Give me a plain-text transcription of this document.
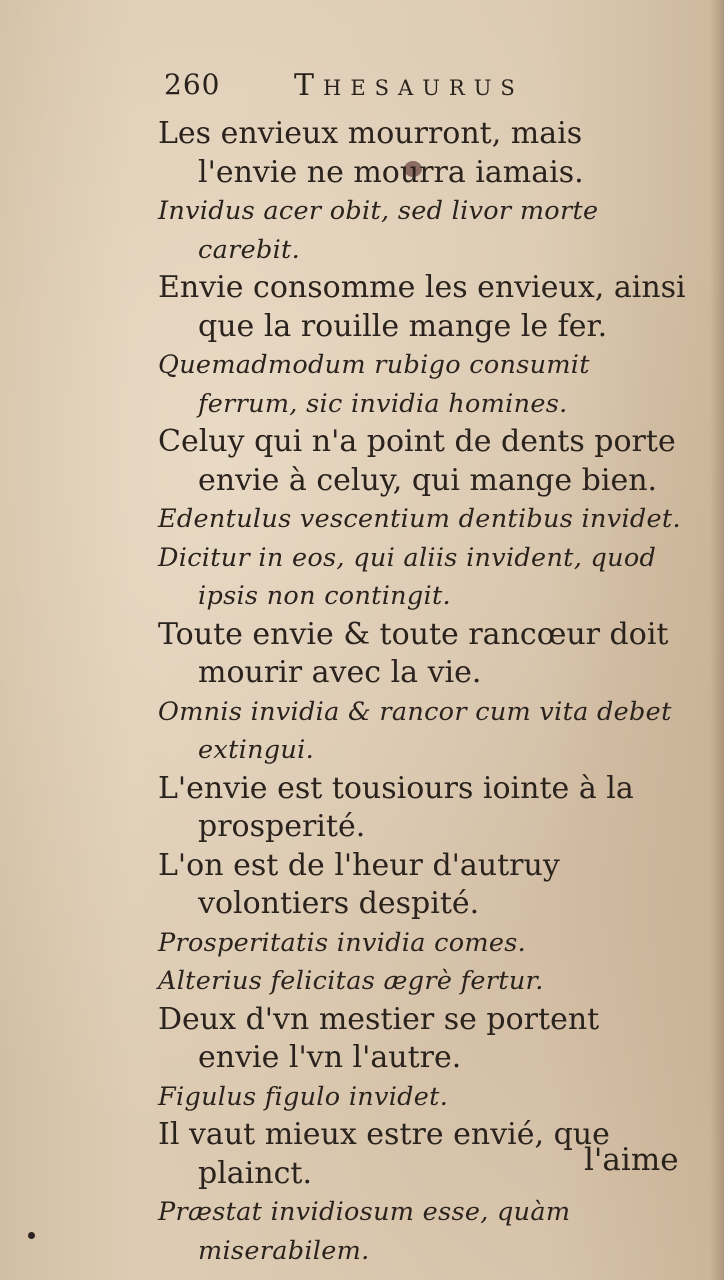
260 Thesaurus

Les envieux mourront, mais l'envie ne mourra iamais.

Invidus acer obit, sed livor morte carebit.

Envie consomme les envieux, ainsi que la rouille mange le fer.

Quemadmodum rubigo consumit ferrum, sic invidia homines.

Celuy qui n'a point de dents porte envie à celuy, qui mange bien.

Edentulus vescentium dentibus invidet.

Dicitur in eos, qui aliis invident, quod ipsis non contingit.

Toute envie & toute rancœur doit mourir avec la vie.

Omnis invidia & rancor cum vita debet extingui.

L'envie est tousiours iointe à la prosperité.

L'on est de l'heur d'autruy volontiers despité.

Prosperitatis invidia comes.

Alterius felicitas ægrè fertur.

Deux d'vn mestier se portent envie l'vn l'autre.

Figulus figulo invidet.

Il vaut mieux estre envié, que plainct.

Præstat invidiosum esse, quàm miserabilem.

l'aime
